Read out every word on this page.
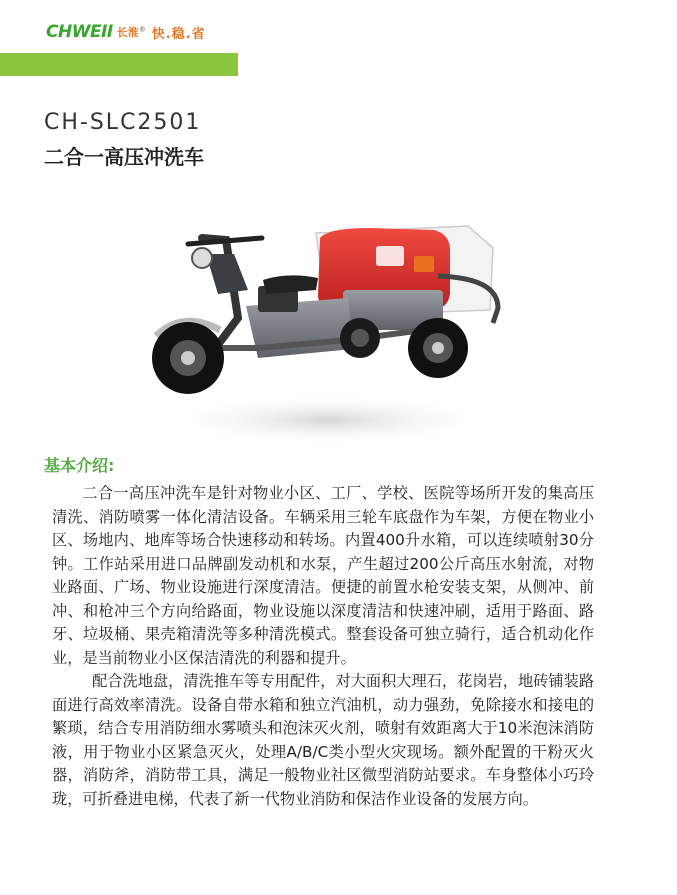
CHWEII 长淮® 快.稳.省
CH-SLC2501
二合一高压冲洗车
基本介绍:

二合一高压冲洗车是针对物业小区、工厂、学校、医院等场所开发的集高压清洗、消防喷雾一体化清洁设备。车辆采用三轮车底盘作为车架，方便在物业小区、场地内、地库等场合快速移动和转场。内置400升水箱，可以连续喷射30分钟。工作站采用进口品牌副发动机和水泵，产生超过200公斤高压水射流，对物业路面、广场、物业设施进行深度清洁。便捷的前置水枪安装支架，从侧冲、前冲、和枪冲三个方向给路面，物业设施以深度清洁和快速冲刷，适用于路面、路牙、垃圾桶、果壳箱清洗等多种清洗模式。整套设备可独立骑行，适合机动化作业，是当前物业小区保洁清洗的利器和提升。

配合洗地盘，清洗推车等专用配件，对大面积大理石，花岗岩，地砖铺装路面进行高效率清洗。设备自带水箱和独立汽油机，动力强劲，免除接水和接电的繁琐，结合专用消防细水雾喷头和泡沫灭火剂，喷射有效距离大于10米泡沫消防液，用于物业小区紧急灭火，处理A/B/C类小型火灾现场。额外配置的干粉灭火器，消防斧，消防带工具，满足一般物业社区微型消防站要求。车身整体小巧玲珑，可折叠进电梯，代表了新一代物业消防和保洁作业设备的发展方向。
